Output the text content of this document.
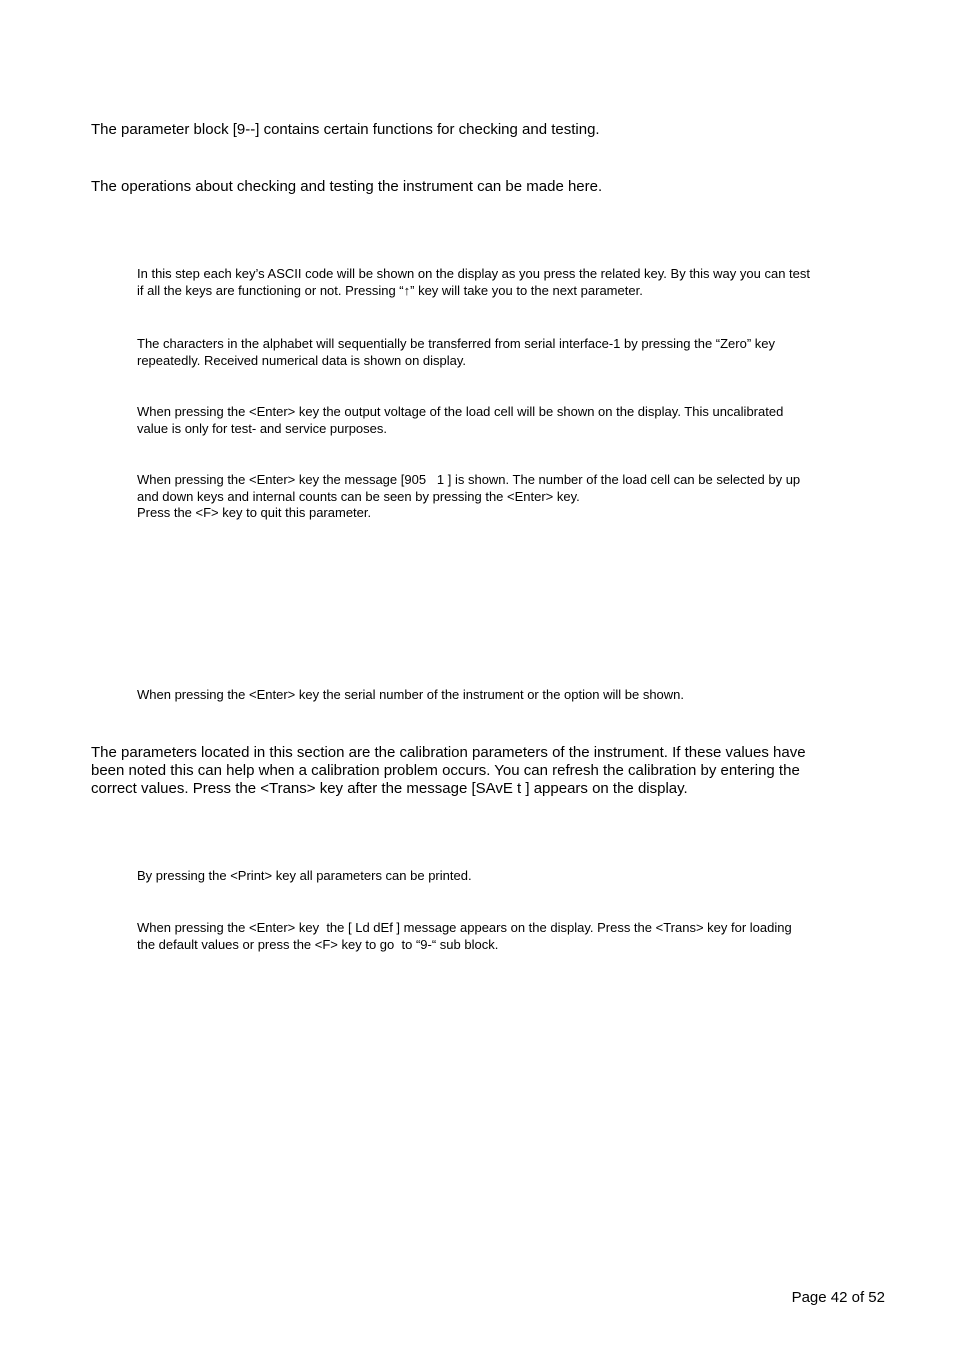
The parameter block [9--] contains certain functions for checking and testing.

The operations about checking and testing the instrument can be made here.

In this step each key’s ASCII code will be shown on the display as you press the related key. By this way you can test
if all the keys are functioning or not. Pressing “↑” key will take you to the next parameter.

The characters in the alphabet will sequentially be transferred from serial interface-1 by pressing the “Zero” key
repeatedly. Received numerical data is shown on display.

When pressing the <Enter> key the output voltage of the load cell will be shown on the display. This uncalibrated
value is only for test- and service purposes.

When pressing the <Enter> key the message [905   1 ] is shown. The number of the load cell can be selected by up
and down keys and internal counts can be seen by pressing the <Enter> key.
Press the <F> key to quit this parameter.

When pressing the <Enter> key the serial number of the instrument or the option will be shown.

The parameters located in this section are the calibration parameters of the instrument. If these values have
been noted this can help when a calibration problem occurs. You can refresh the calibration by entering the
correct values. Press the <Trans> key after the message [SAvE t ] appears on the display.

By pressing the <Print> key all parameters can be printed.

When pressing the <Enter> key  the [ Ld dEf ] message appears on the display. Press the <Trans> key for loading
the default values or press the <F> key to go  to “9-“ sub block.

Page 42 of 52
